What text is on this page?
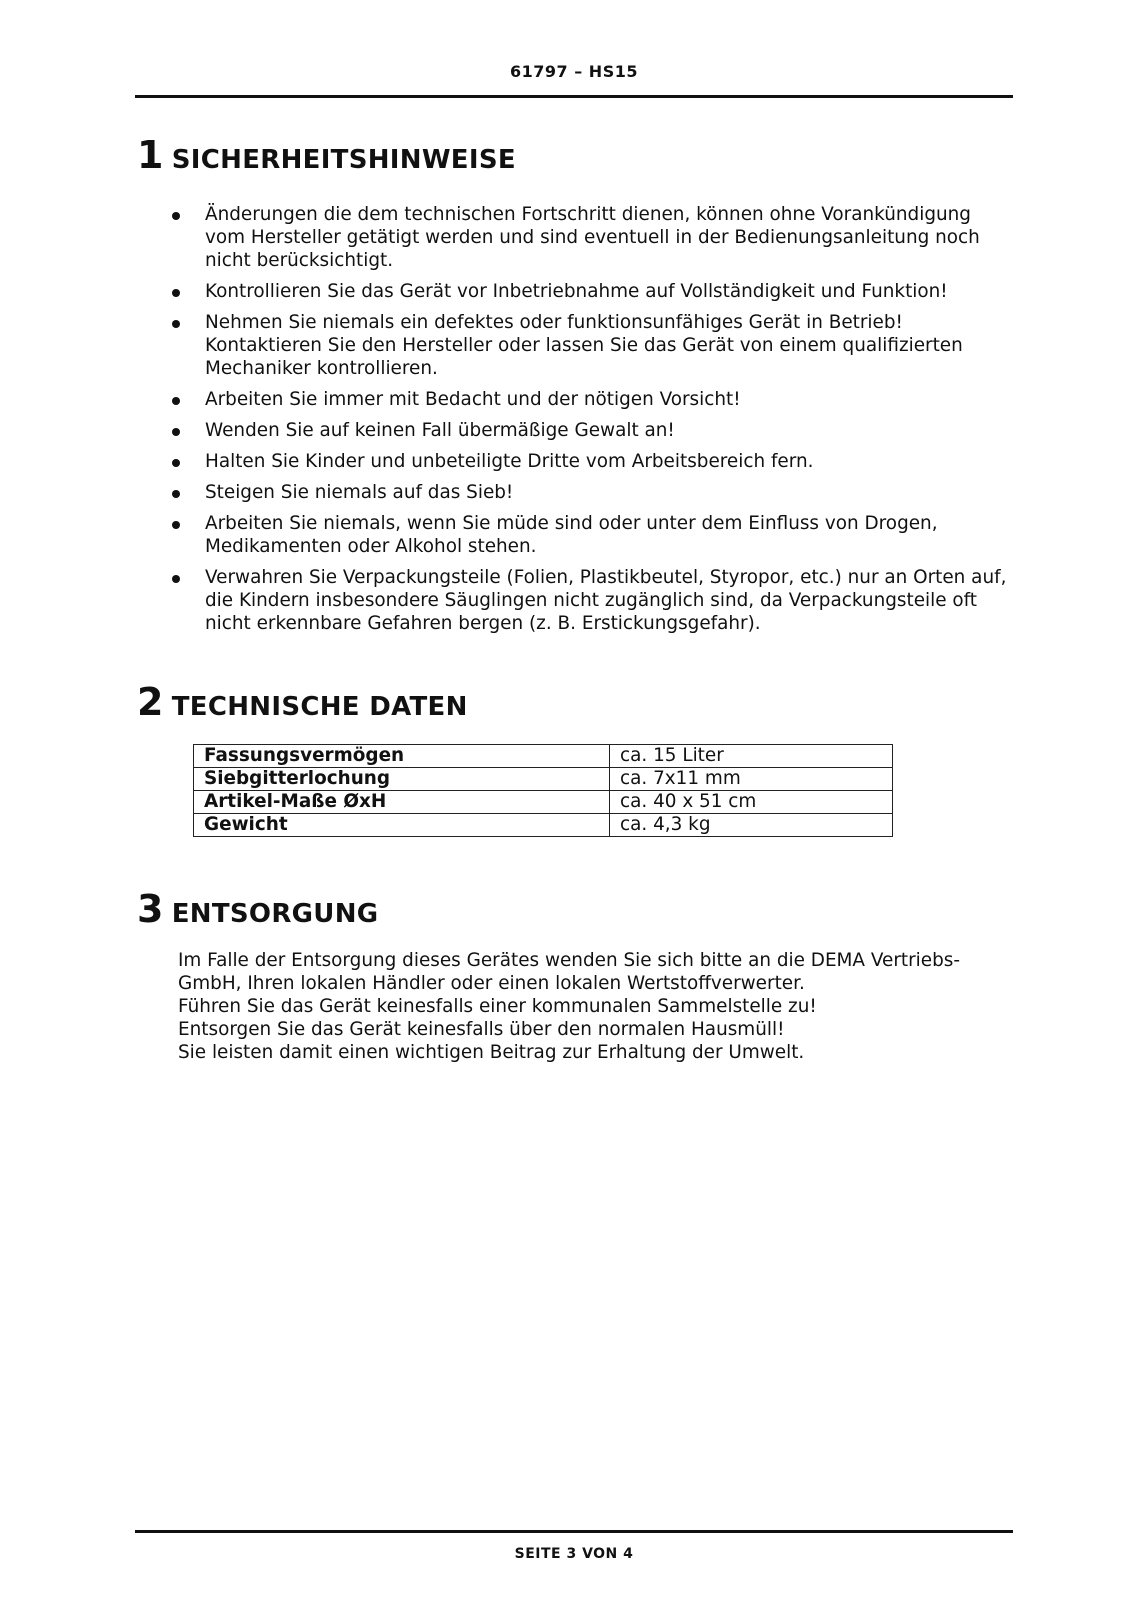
61797 – HS15
1 SICHERHEITSHINWEISE
Änderungen die dem technischen Fortschritt dienen, können ohne Vorankündigung vom Hersteller getätigt werden und sind eventuell in der Bedienungsanleitung noch nicht berücksichtigt.
Kontrollieren Sie das Gerät vor Inbetriebnahme auf Vollständigkeit und Funktion!
Nehmen Sie niemals ein defektes oder funktionsunfähiges Gerät in Betrieb! Kontaktieren Sie den Hersteller oder lassen Sie das Gerät von einem qualifizierten Mechaniker kontrollieren.
Arbeiten Sie immer mit Bedacht und der nötigen Vorsicht!
Wenden Sie auf keinen Fall übermäßige Gewalt an!
Halten Sie Kinder und unbeteiligte Dritte vom Arbeitsbereich fern.
Steigen Sie niemals auf das Sieb!
Arbeiten Sie niemals, wenn Sie müde sind oder unter dem Einfluss von Drogen, Medikamenten oder Alkohol stehen.
Verwahren Sie Verpackungsteile (Folien, Plastikbeutel, Styropor, etc.) nur an Orten auf, die Kindern insbesondere Säuglingen nicht zugänglich sind, da Verpackungsteile oft nicht erkennbare Gefahren bergen (z. B. Erstickungsgefahr).
2 TECHNISCHE DATEN
Fassungsvermögen	ca. 15 Liter
Siebgitterlochung	ca. 7x11 mm
Artikel-Maße ØxH	ca. 40 x 51 cm
Gewicht	ca. 4,3 kg
3 ENTSORGUNG

Im Falle der Entsorgung dieses Gerätes wenden Sie sich bitte an die DEMA Vertriebs-GmbH, Ihren lokalen Händler oder einen lokalen Wertstoffverwerter.

Führen Sie das Gerät keinesfalls einer kommunalen Sammelstelle zu!

Entsorgen Sie das Gerät keinesfalls über den normalen Hausmüll!

Sie leisten damit einen wichtigen Beitrag zur Erhaltung der Umwelt.

SEITE 3 VON 4
